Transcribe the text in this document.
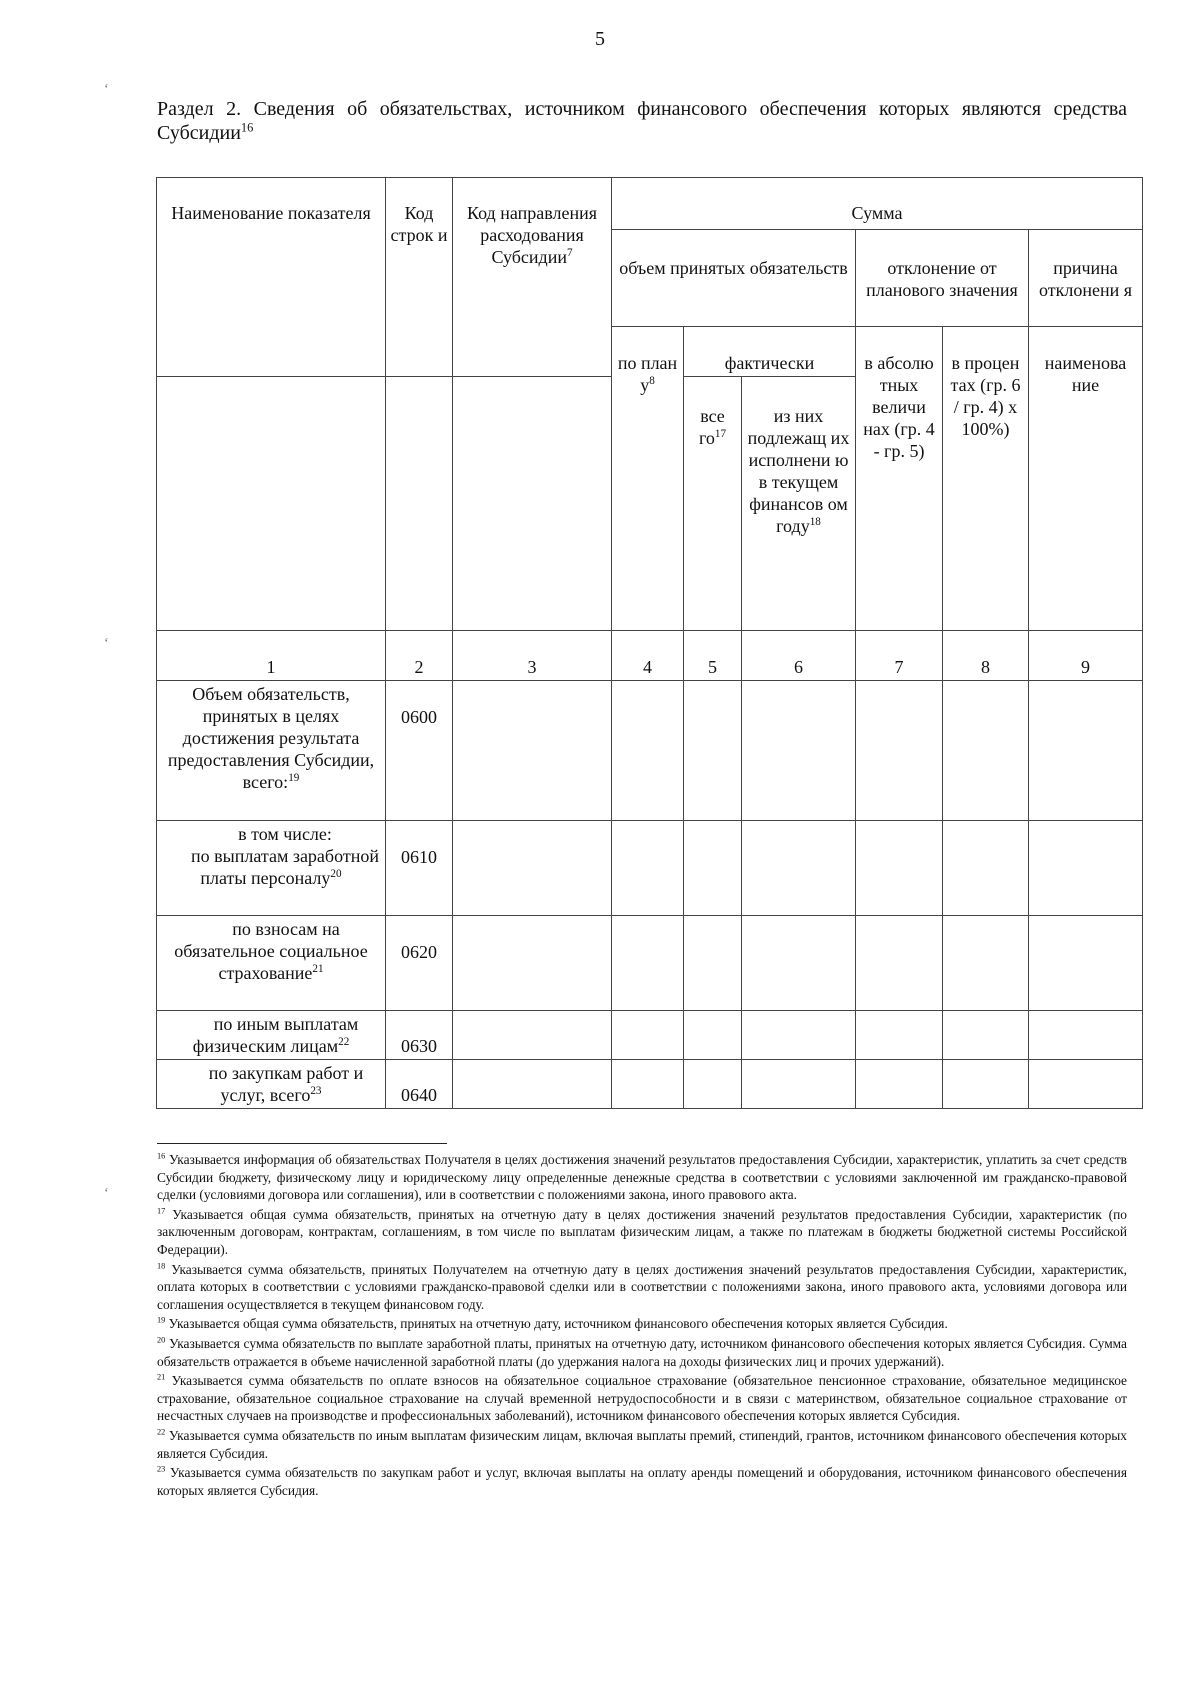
5
‘
‘
‘
Раздел 2. Сведения об обязательствах, источником финансового обеспечения которых являются средства Субсидии$^{16}$
Наименование показателя	Код строк и	Код направления расходования Субсидии$^7$	Сумма					
			объем принятых обязательств			отклонение от планового значения		причина отклонени я
			по план $у^8$	фактически		в абсолю тных величи нах (гр. 4 - гр. 5)	в процен тах (гр. 6 / гр. 4) x 100%)	наименова ние
				все $го^{17}$	из них подлежащ их исполнени ю в текущем финансов ом году$^{18}$
1	2	3	4	5	6	7	8	9
Объем обязательств, принятых в целях достижения результата предоставления Субсидии, всего:$^{19}$	0600							

в том числе:
по выплатам заработной платы персоналу$^{20}$	0610							
по взносам на обязательное социальное страхование$^{21}$	0620							
по иным выплатам физическим лицам$^{22}$	0630							
по закупкам работ и услуг, всего$^{23}$	0640							

$^{16}$ Указывается информация об обязательствах Получателя в целях достижения значений результатов предоставления Субсидии, характеристик, уплатить за счет средств Субсидии бюджету, физическому лицу и юридическому лицу определенные денежные средства в соответствии с условиями заключенной им гражданско-правовой сделки (условиями договора или соглашения), или в соответствии с положениями закона, иного правового акта.

$^{17}$ Указывается общая сумма обязательств, принятых на отчетную дату в целях достижения значений результатов предоставления Субсидии, характеристик (по заключенным договорам, контрактам, соглашениям, в том числе по выплатам физическим лицам, а также по платежам в бюджеты бюджетной системы Российской Федерации).

$^{18}$ Указывается сумма обязательств, принятых Получателем на отчетную дату в целях достижения значений результатов предоставления Субсидии, характеристик, оплата которых в соответствии с условиями гражданско-правовой сделки или в соответствии с положениями закона, иного правового акта, условиями договора или соглашения осуществляется в текущем финансовом году.

$^{19}$ Указывается общая сумма обязательств, принятых на отчетную дату, источником финансового обеспечения которых является Субсидия.

$^{20}$ Указывается сумма обязательств по выплате заработной платы, принятых на отчетную дату, источником финансового обеспечения которых является Субсидия. Сумма обязательств отражается в объеме начисленной заработной платы (до удержания налога на доходы физических лиц и прочих удержаний).

$^{21}$ Указывается сумма обязательств по оплате взносов на обязательное социальное страхование (обязательное пенсионное страхование, обязательное медицинское страхование, обязательное социальное страхование на случай временной нетрудоспособности и в связи с материнством, обязательное социальное страхование от несчастных случаев на производстве и профессиональных заболеваний), источником финансового обеспечения которых является Субсидия.

$^{22}$ Указывается сумма обязательств по иным выплатам физическим лицам, включая выплаты премий, стипендий, грантов, источником финансового обеспечения которых является Субсидия.

$^{23}$ Указывается сумма обязательств по закупкам работ и услуг, включая выплаты на оплату аренды помещений и оборудования, источником финансового обеспечения которых является Субсидия.
